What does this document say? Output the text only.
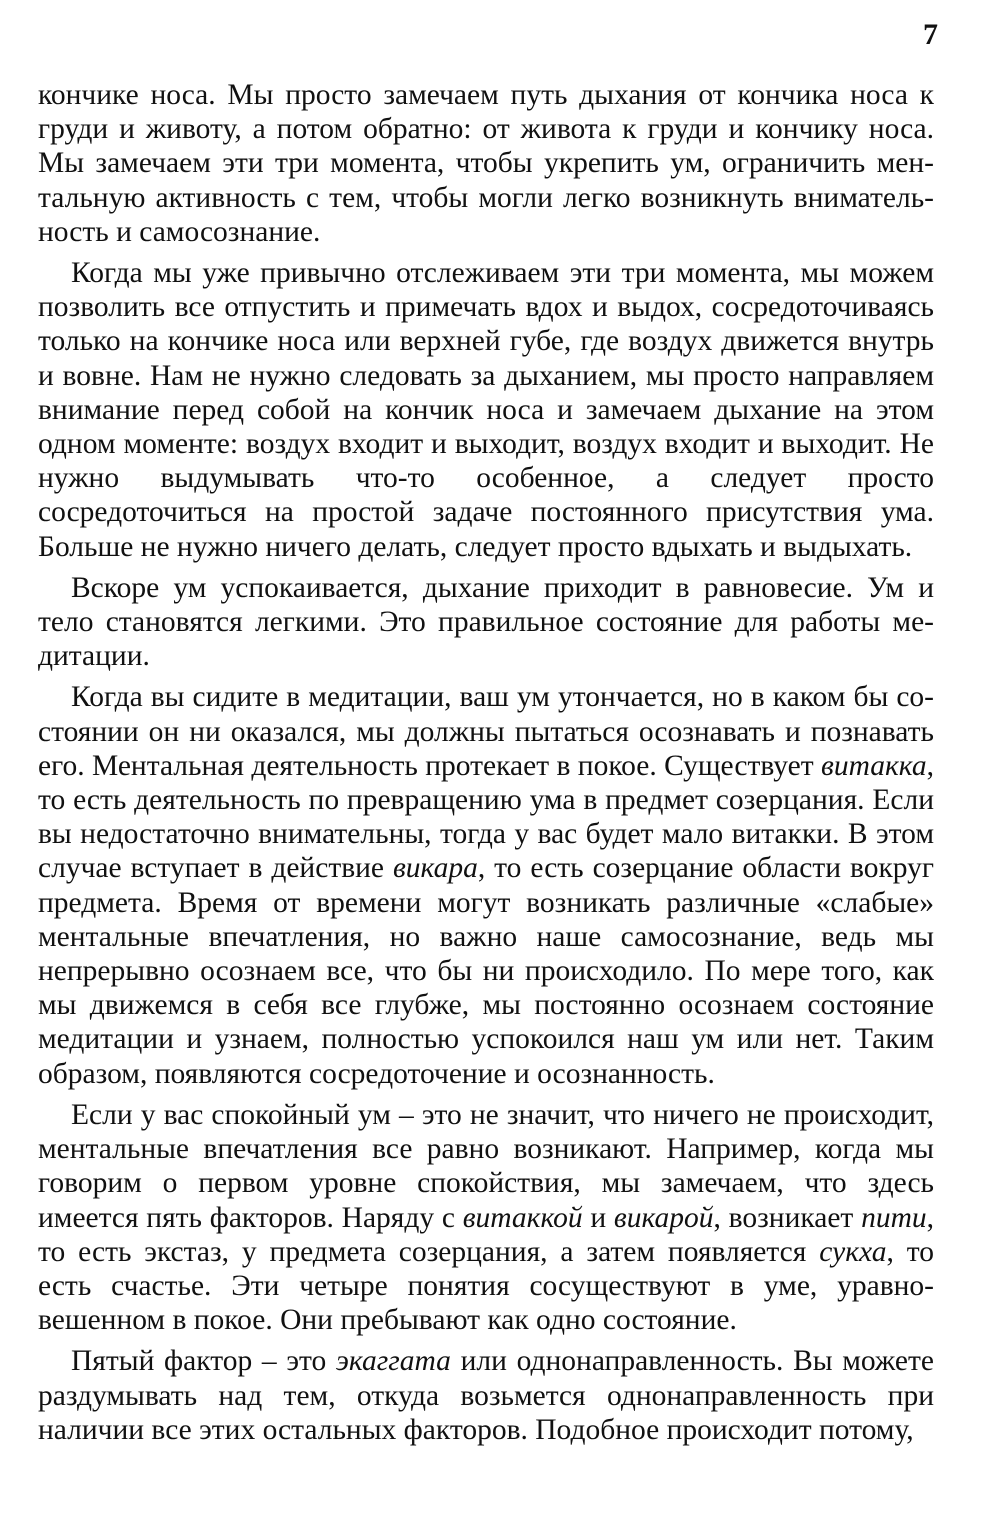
7

кончике носа. Мы просто замечаем путь дыхания от кончика носа к груди и животу, а потом обратно: от живота к груди и кончику носа. Мы замечаем эти три момента, чтобы укрепить ум, ограничить ментальную активность с тем, чтобы могли легко возникнуть внимательность и самосознание.

Когда мы уже привычно отслеживаем эти три момента, мы можем позволить все отпустить и примечать вдох и выдох, сосредоточиваясь только на кончике носа или верхней губе, где воздух движется внутрь и вовне. Нам не нужно следовать за дыханием, мы просто направляем внимание перед собой на кончик носа и замечаем дыхание на этом одном моменте: воздух входит и выходит, воздух входит и выходит. Не нужно выдумывать что-то особенное, а следует просто сосредоточиться на простой задаче постоянного присутствия ума. Больше не нужно ничего делать, следует просто вдыхать и выдыхать.

Вскоре ум успокаивается, дыхание приходит в равновесие. Ум и тело становятся легкими. Это правильное состояние для работы медитации.

Когда вы сидите в медитации, ваш ум утончается, но в каком бы состоянии он ни оказался, мы должны пытаться осознавать и познавать его. Ментальная деятельность протекает в покое. Существует витакка, то есть деятельность по превращению ума в предмет созерцания. Если вы недостаточно внимательны, тогда у вас будет мало витакки. В этом случае вступает в действие викара, то есть созерцание области вокруг предмета. Время от времени могут возникать различные «слабые» ментальные впечатления, но важно наше самосознание, ведь мы непрерывно осознаем все, что бы ни происходило. По мере того, как мы движемся в себя все глубже, мы постоянно осознаем состояние медитации и узнаем, полностью успокоился наш ум или нет. Таким образом, появляются сосредоточение и осознанность.

Если у вас спокойный ум – это не значит, что ничего не происходит, ментальные впечатления все равно возникают. Например, когда мы говорим о первом уровне спокойствия, мы замечаем, что здесь имеется пять факторов. Наряду с витаккой и викарой, возникает пити, то есть экстаз, у предмета созерцания, а затем появляется сукха, то есть счастье. Эти четыре понятия сосуществуют в уме, уравновешенном в покое. Они пребывают как одно состояние.

Пятый фактор – это экаггата или однонаправленность. Вы можете раздумывать над тем, откуда возьмется однонаправленность при наличии все этих остальных факторов. Подобное происходит потому,
